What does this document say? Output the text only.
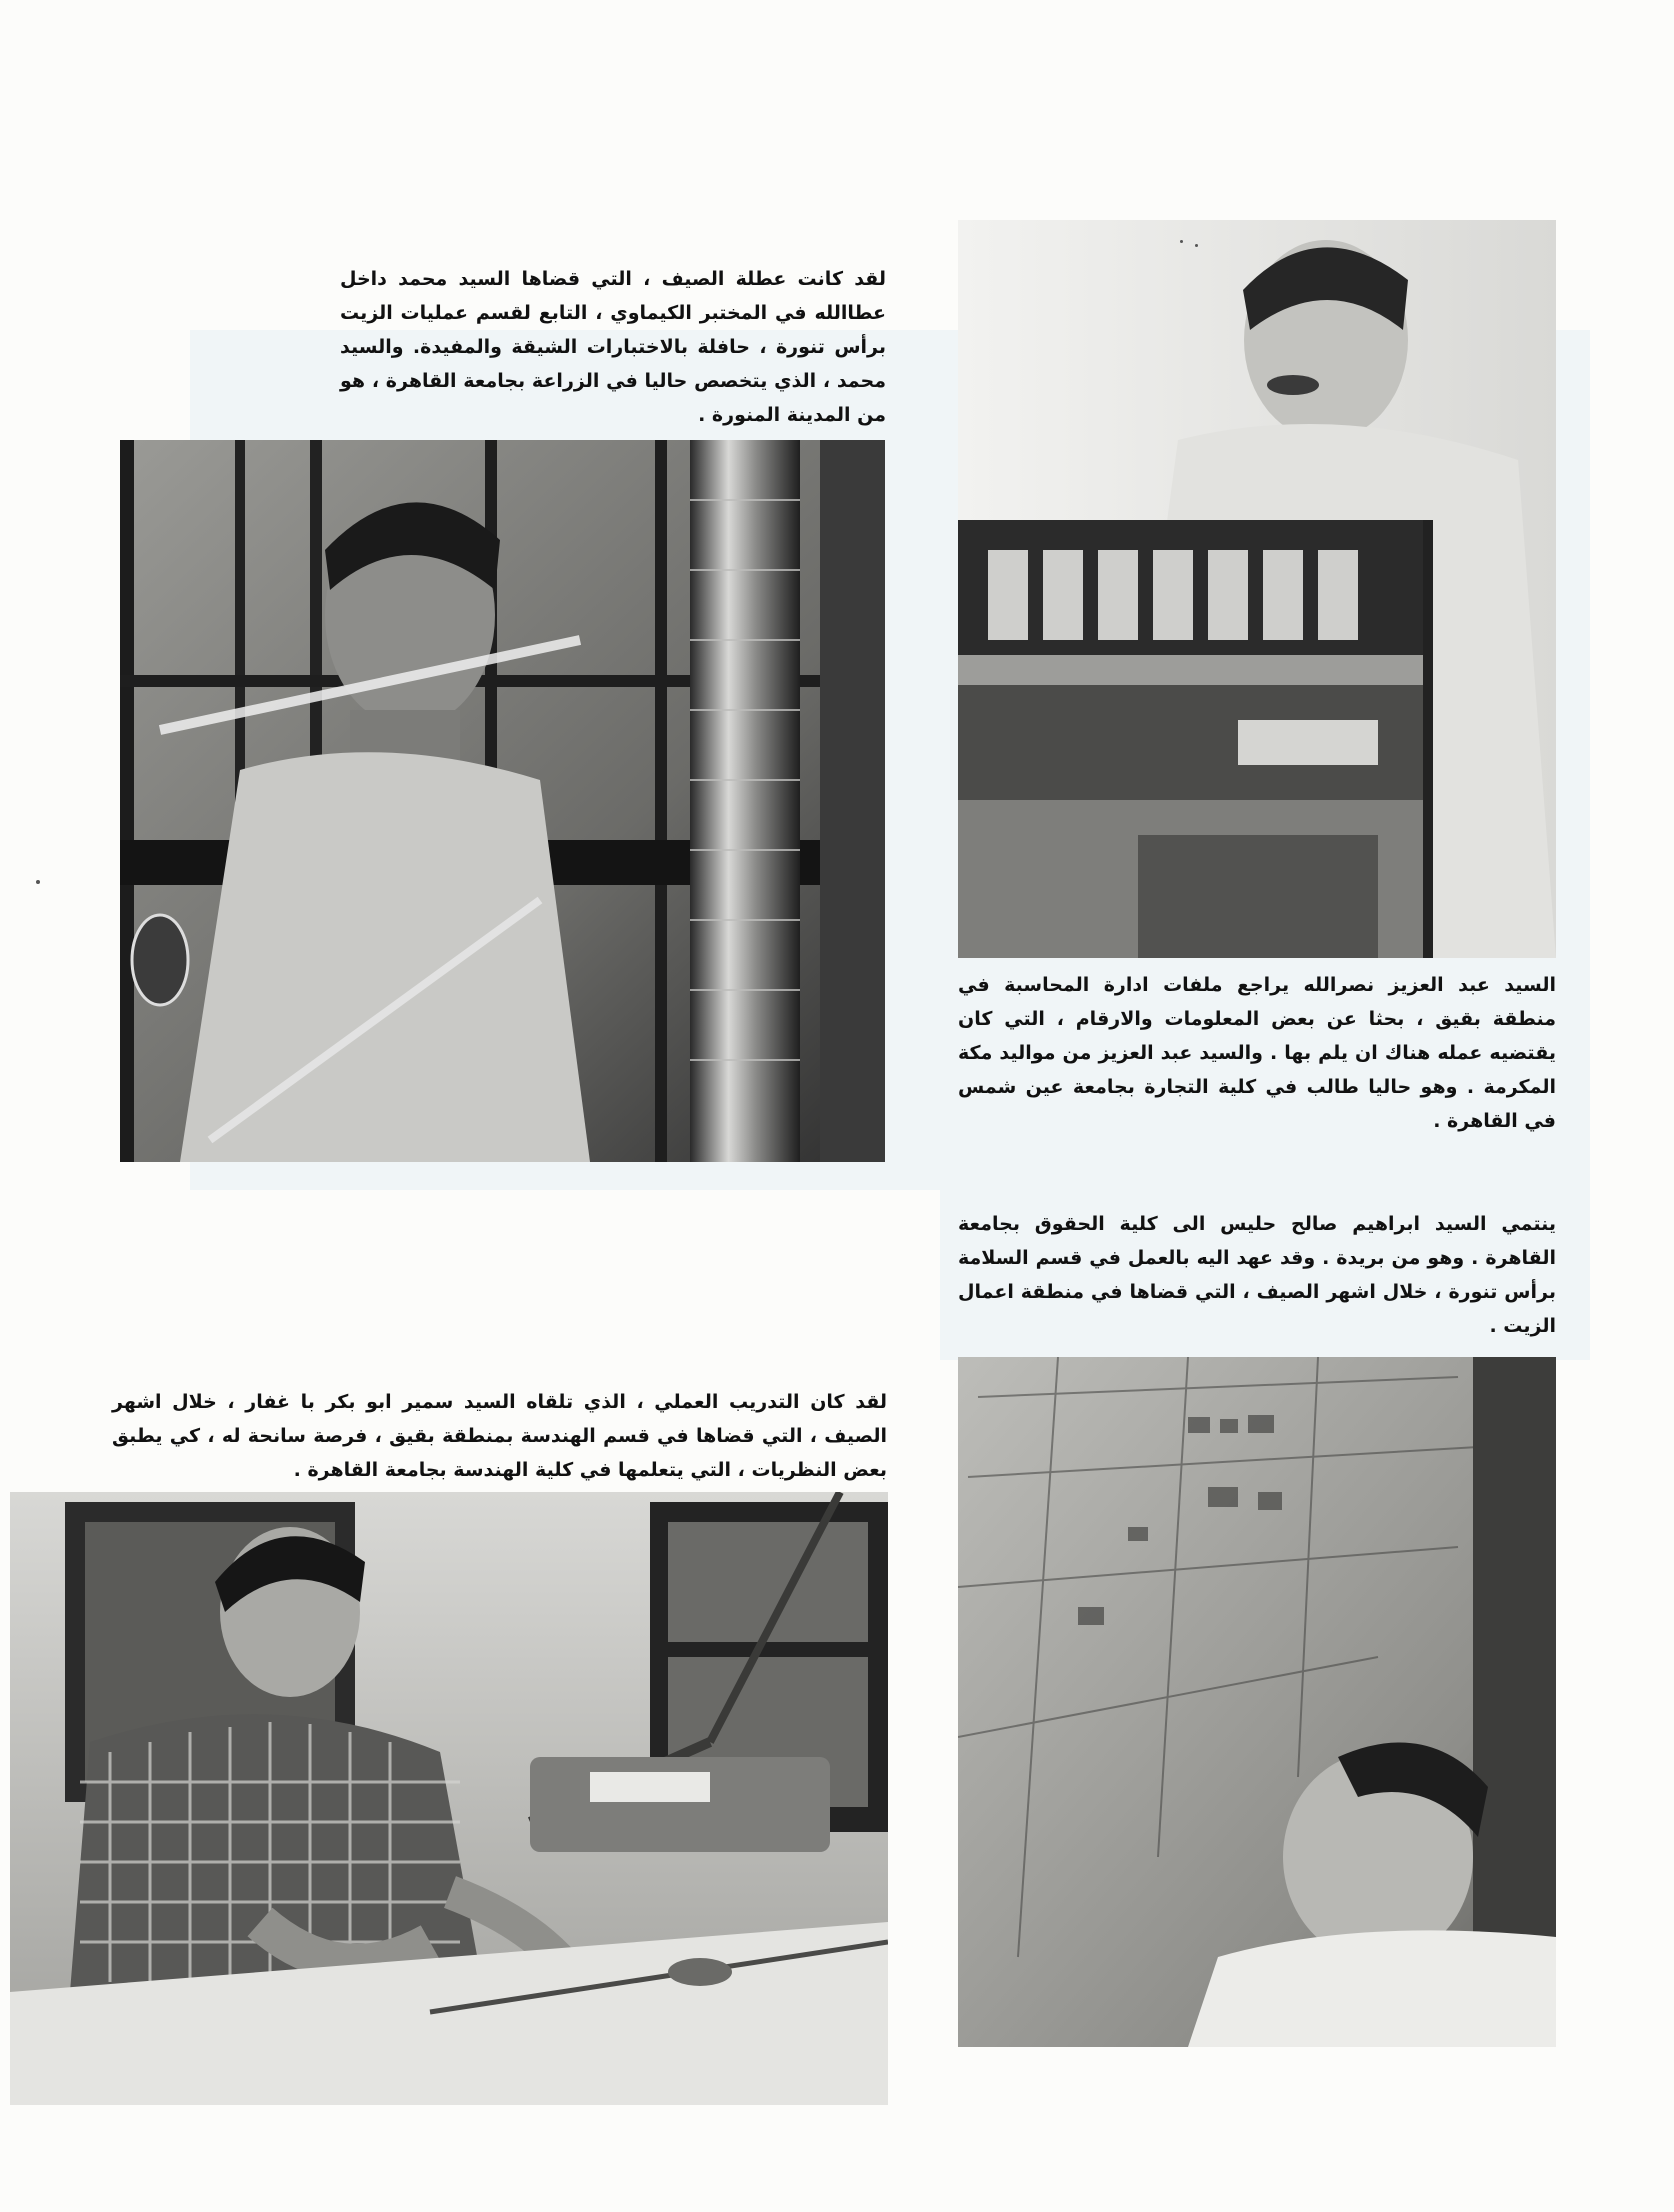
لقد كانت عطلة الصيف ، التي قضاها السيد محمد داخل عطاالله في المختبر الكيماوي ، التابع لقسم عمليات الزيت برأس تنورة ، حافلة بالاختبارات الشيقة والمفيدة. والسيد محمد ، الذي يتخصص حاليا في الزراعة بجامعة القاهرة ، هو من المدينة المنورة .
السيد عبد العزيز نصرالله يراجع ملفات ادارة المحاسبة في منطقة بقيق ، بحثا عن بعض المعلومات والارقام ، التي كان يقتضيه عمله هناك ان يلم بها . والسيد عبد العزيز من مواليد مكة المكرمة . وهو حاليا طالب في كلية التجارة بجامعة عين شمس في القاهرة .
ينتمي السيد ابراهيم صالح حليس الى كلية الحقوق بجامعة القاهرة . وهو من بريدة . وقد عهد اليه بالعمل في قسم السلامة برأس تنورة ، خلال اشهر الصيف ، التي قضاها في منطقة اعمال الزيت .
لقد كان التدريب العملي ، الذي تلقاه السيد سمير ابو بكر با غفار ، خلال اشهر الصيف ، التي قضاها في قسم الهندسة بمنطقة بقيق ، فرصة سانحة له ، كي يطبق بعض النظريات ، التي يتعلمها في كلية الهندسة بجامعة القاهرة .
